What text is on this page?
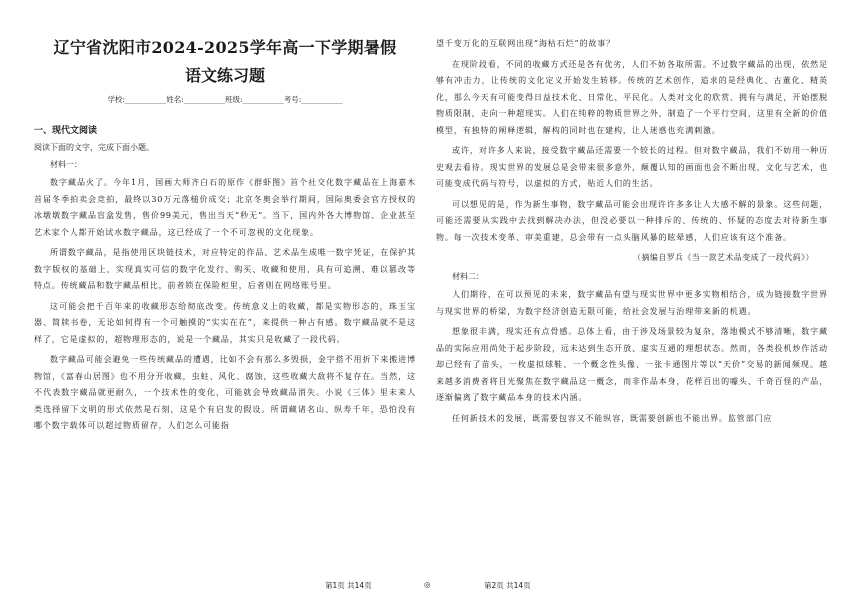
辽宁省沈阳市2024-2025学年高一下学期暑假
语文练习题
学校:___________姓名:___________班级:___________考号:___________
一、现代文阅读
阅读下面的文字，完成下面小题。
材料一：

数字藏品火了。今年1月，国画大师齐白石的原作《群虾图》首个社交化数字藏品在上海嘉木首届冬季拍卖会竞拍，最终以30万元落槌价成交；北京冬奥会举行期间，国际奥委会官方授权的冰墩墩数字藏品盲盒发售，售价99美元，售出当天“秒无”。当下，国内外各大博物馆、企业甚至艺术家个人都开始试水数字藏品，这已经成了一个不可忽视的文化现象。

所谓数字藏品，是指使用区块链技术，对应特定的作品、艺术品生成唯一数字凭证，在保护其数字版权的基础上，实现真实可信的数字化发行、购买、收藏和使用，具有可追溯、难以篡改等特点。传统藏品和数字藏品相比，前者锁在保险柜里，后者则在网络账号里。

这可能会把千百年来的收藏形态给彻底改变。传统意义上的收藏，都是实物形态的，珠玉宝器、简牍书卷，无论如何得有一个可触摸的“实实在在”，来提供一种占有感。数字藏品就不是这样了，它是虚拟的，超物理形态的，说是一个藏品，其实只是收藏了一段代码。

数字藏品可能会避免一些传统藏品的遭遇，比如不会有那么多毁损，金字搭不用折下来搬进博物馆，《富春山居图》也不用分开收藏，虫蛀、风化、腐蚀，这些收藏大敌将不复存在。当然，这不代表数字藏品就更耐久，一个技术性的变化，可能就会导致藏品消失。小说《三体》里未来人类选择留下文明的形式依然是石刻，这是个有启发的假设。所谓藏诸名山、纵寿千年，恐怕没有哪个数字载体可以超过物质留存，人们怎么可能指

第1页 共14页	◎

望千变万化的互联网出现“海枯石烂”的故事？

在现阶段看，不同的收藏方式还是各有优劣，人们不妨各取所需。不过数字藏品的出现，依然足够有冲击力，让传统的文化定义开始发生转移。传统的艺术创作，追求的是经典化、古董化、精英化，那么今天有可能变得日益技术化、日常化、平民化。人类对文化的欣赏、拥有与满足，开始摆脱物质限制，走向一种超现实。人们在纯粹的物质世界之外，制造了一个平行空间，这里有全新的价值模型，有独特的阐释逻辑，解构的同时也在建构，让人迷惑也充满刺激。

或许，对许多人来说，接受数字藏品还需要一个较长的过程。但对数字藏品，我们不妨用一种历史观去看待。现实世界的发展总是会带来很多意外，颠覆认知的画面也会不断出现，文化与艺术，也可能变成代码与符号，以虚拟的方式，贴近人们的生活。

可以想见的是，作为新生事物，数字藏品可能会出现许许多多让人大感不解的景象。这些问题，可能还需要从实践中去找到解决办法，但没必要以一种排斥的、传统的、怀疑的态度去对待新生事物。每一次技术变革、审美重建，总会带有一点头脑风暴的眩晕感，人们应该有这个准备。

（摘编自罗兵《当一款艺术品变成了一段代码》）
材料二：

人们期待，在可以预见的未来，数字藏品有望与现实世界中更多实物相结合，成为链接数字世界与现实世界的桥梁，为数字经济创造无限可能，给社会发展与治理带来新的机遇。

想象很丰满，现实还有点骨感。总体上看，由于涉及场景较为复杂，落地模式不够清晰，数字藏品的实际应用尚处于起步阶段，远未达到生态开放、虚实互通的理想状态。然而，各类投机炒作活动却已经有了苗头，一枚虚拟球鞋、一个概念性头像、一张卡通图片等以“天价”交易的新闻频现。越来越多消费者将目光聚焦在数字藏品这一概念，而非作品本身，花样百出的噱头、千奇百怪的产品，逐渐偏离了数字藏品本身的技术内涵。

任何新技术的发展，既需要包容又不能纵容，既需要创新也不能出界。监管部门应

第2页 共14页
